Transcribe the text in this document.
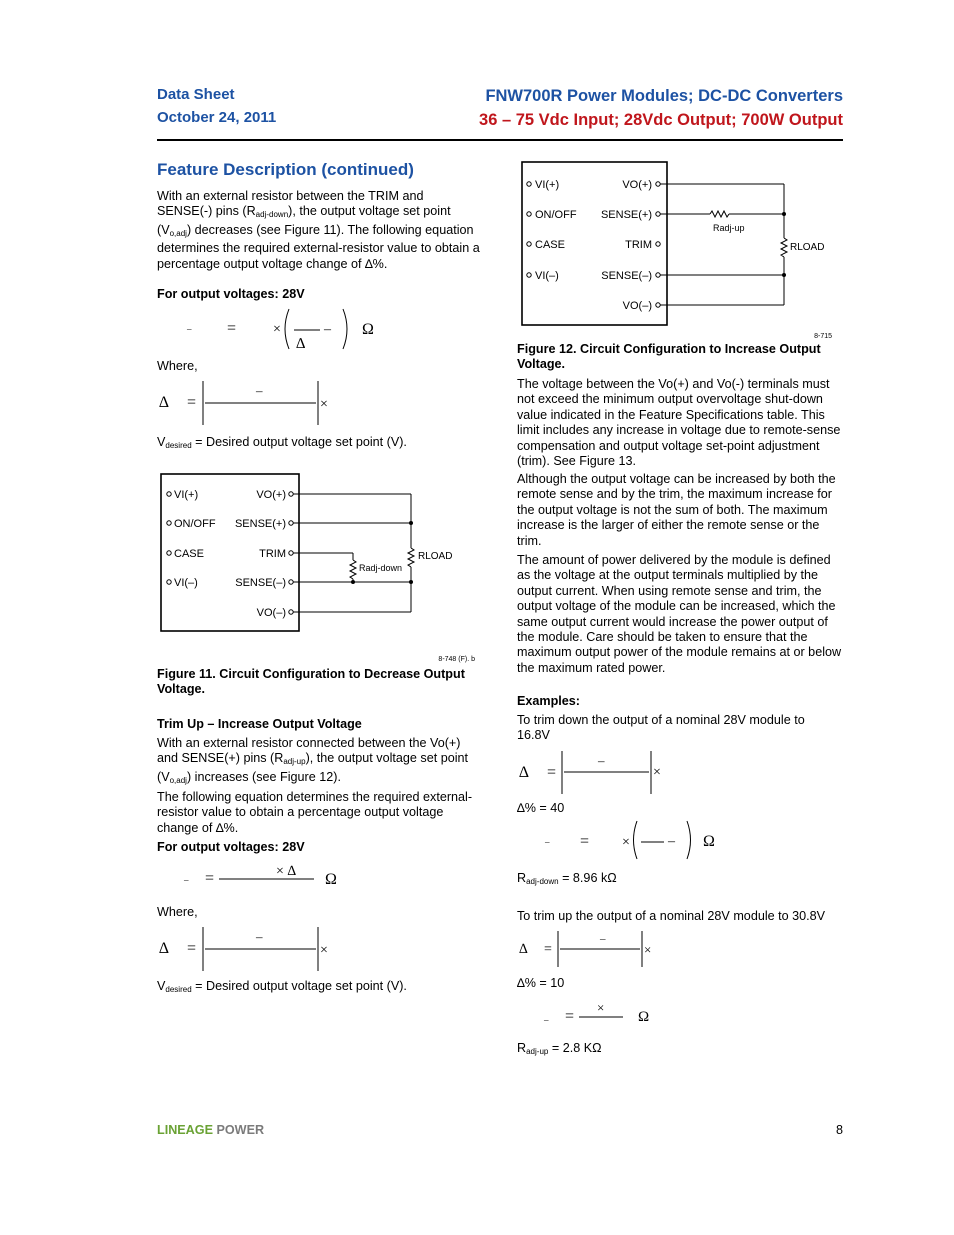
Data Sheet
October 24, 2011
FNW700R Power Modules; DC-DC Converters
36 – 75 Vdc Input; 28Vdc Output; 700W Output
Feature Description (continued)
With an external resistor between the TRIM and SENSE(-) pins $(R_{adj-down})$, the output voltage set point $(V_{o,adj})$ decreases (see Figure 11). The following equation determines the required external-resistor value to obtain a percentage output voltage change of ∆%.
For output voltages: 28V
– =	×	–
∆
Ω
Where,
∆ =
–
×
$V_{desired}$ = Desired output voltage set point (V).
VI(+)
ON/OFF
CASE
VI(–)
VO(+)
SENSE(+)
TRIM
SENSE(–)
VO(–)
RLOAD
Radj-down
8-748 (F). b
Figure 11. Circuit Configuration to Decrease Output Voltage.
Trim Up – Increase Output Voltage
With an external resistor connected between the Vo(+) and SENSE(+) pins $(R_{adj-up})$, the output voltage set point $(V_{o,adj})$ increases (see Figure 12).
The following equation determines the required external-resistor value to obtain a percentage output voltage change of ∆%.
For output voltages: 28V
– =	× ∆ Ω
Where,
∆ =
–
×
$V_{desired}$ = Desired output voltage set point (V).
VI(+)
ON/OFF
CASE
VI(–)
VO(+)
SENSE(+)
TRIM
SENSE(–)
VO(–)
Radj-up
RLOAD
8-715
Figure 12. Circuit Configuration to Increase Output Voltage.
The voltage between the Vo(+) and Vo(-) terminals must not exceed the minimum output overvoltage shut-down value indicated in the Feature Specifications table. This limit includes any increase in voltage due to remote-sense compensation and output voltage set-point adjustment (trim). See Figure 13.
Although the output voltage can be increased by both the remote sense and by the trim, the maximum increase for the output voltage is not the sum of both. The maximum increase is the larger of either the remote sense or the trim.
The amount of power delivered by the module is defined as the voltage at the output terminals multiplied by the output current. When using remote sense and trim, the output voltage of the module can be increased, which the same output current would increase the power output of the module. Care should be taken to ensure that the maximum output power of the module remains at or below the maximum rated power.
Examples:
To trim down the output of a nominal 28V module to 16.8V
∆ =
–
×
∆% = 40
– = ×	– Ω
$R_{adj-down} = 8.96$ kΩ
To trim up the output of a nominal 28V module to 30.8V
∆ =
–
×
∆% = 10
– =
×
Ω
$R_{adj-up} = 2.8$ KΩ
LINEAGE POWER	8
